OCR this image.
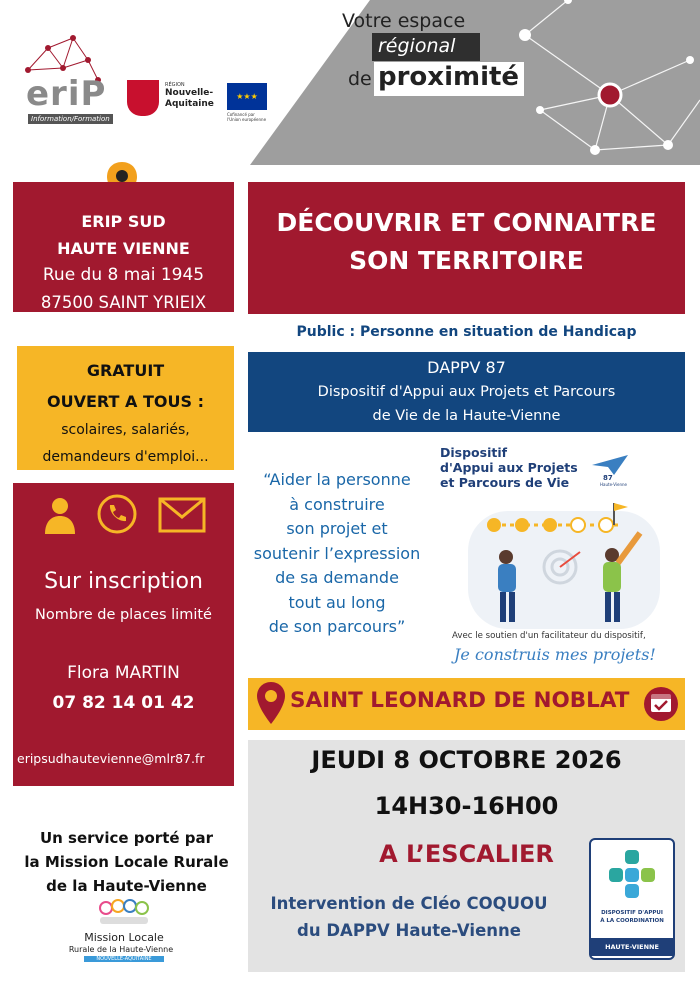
Votre espace
régional
de proximité
eriP
Information/Formation
RÉGION
Nouvelle-
Aquitaine
★★★
Cofinancé par
l'Union européenne
ERIP SUD
HAUTE VIENNE
Rue du 8 mai 1945
87500 SAINT YRIEIX
GRATUIT
OUVERT A TOUS :
scolaires, salariés,
demandeurs d'emploi...
Sur inscription
Nombre de places limité
Flora MARTIN
07 82 14 01 42
eripsudhautevienne@mlr87.fr
Un service porté par
la Mission Locale Rurale
de la Haute-Vienne
Mission Locale
Rurale de la Haute-Vienne
NOUVELLE-AQUITAINE
DÉCOUVRIR ET CONNAITRE
SON TERRITOIRE
Public : Personne en situation de Handicap
DAPPV 87
Dispositif d'Appui aux Projets et Parcours
de Vie de la Haute-Vienne
“Aider la personne
à construire
son projet et
soutenir l’expression
de sa demande
tout au long
de son parcours”
Dispositif
d'Appui aux Projets
et Parcours de Vie	87
Haute-Vienne
Avec le soutien d'un facilitateur du dispositif,
Je construis mes projets!
SAINT LEONARD DE NOBLAT
JEUDI 8 OCTOBRE 2026
14H30-16H00
A L’ESCALIER
Intervention de Cléo COQUOU
du DAPPV Haute-Vienne
DISPOSITIF D'APPUI
À LA COORDINATION
HAUTE-VIENNE
